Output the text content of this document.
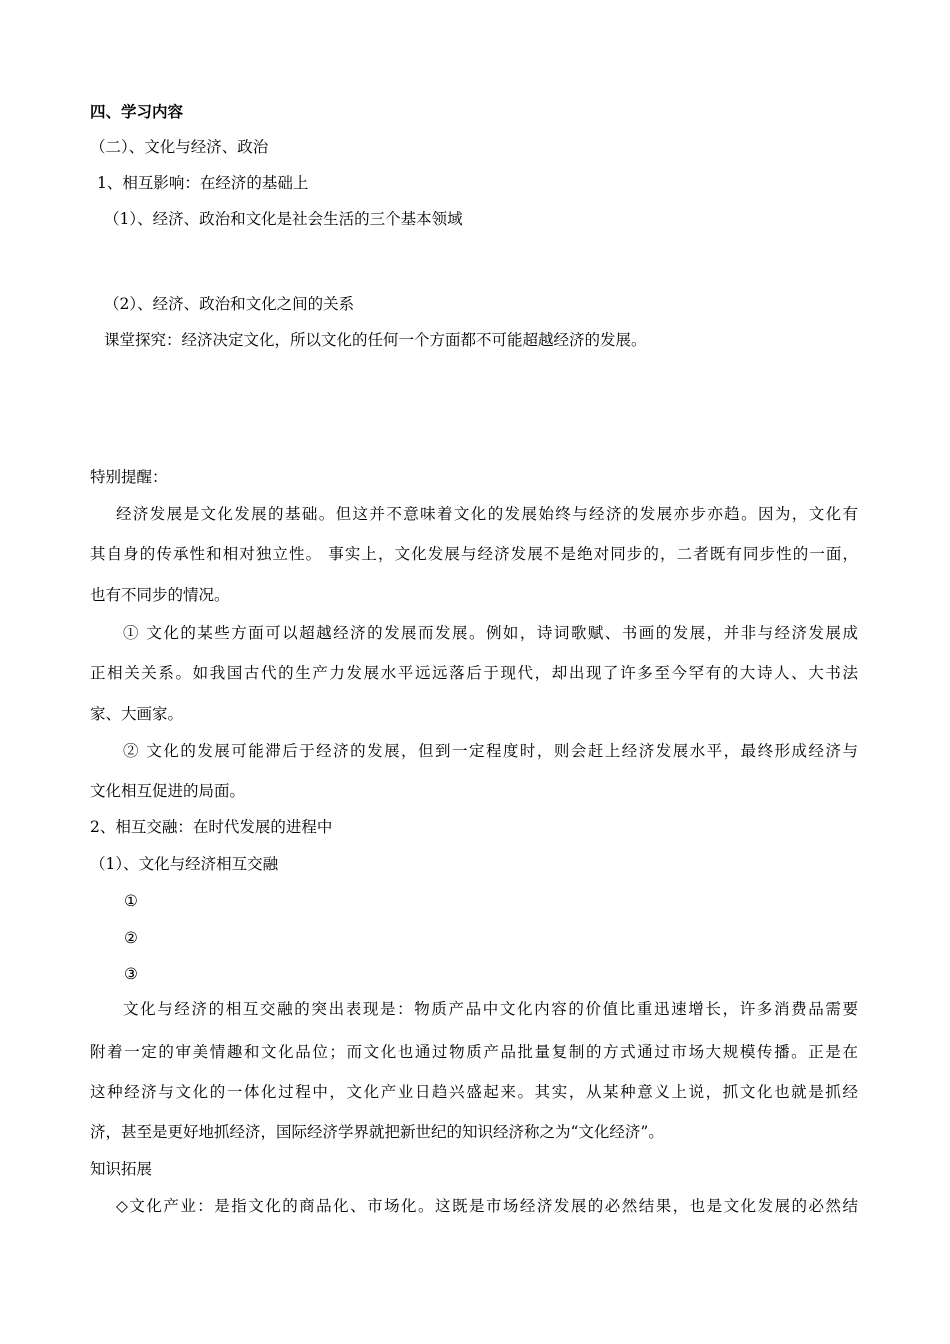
四、学习内容
（二）、文化与经济、政治
1、相互影响：在经济的基础上
（1）、经济、政治和文化是社会生活的三个基本领域
（2）、经济、政治和文化之间的关系
课堂探究：经济决定文化，所以文化的任何一个方面都不可能超越经济的发展。
特别提醒：
经济发展是文化发展的基础。但这并不意味着文化的发展始终与经济的发展亦步亦趋。因为，文化有
其自身的传承性和相对独立性。 事实上，文化发展与经济发展不是绝对同步的，二者既有同步性的一面，
也有不同步的情况。
① 文化的某些方面可以超越经济的发展而发展。例如，诗词歌赋、书画的发展，并非与经济发展成
正相关关系。如我国古代的生产力发展水平远远落后于现代，却出现了许多至今罕有的大诗人、大书法
家、大画家。
② 文化的发展可能滞后于经济的发展，但到一定程度时，则会赶上经济发展水平，最终形成经济与
文化相互促进的局面。
2、相互交融：在时代发展的进程中
（1）、文化与经济相互交融
①
②
③
文化与经济的相互交融的突出表现是：物质产品中文化内容的价值比重迅速增长，许多消费品需要
附着一定的审美情趣和文化品位；而文化也通过物质产品批量复制的方式通过市场大规模传播。正是在
这种经济与文化的一体化过程中，文化产业日趋兴盛起来。其实，从某种意义上说，抓文化也就是抓经
济，甚至是更好地抓经济，国际经济学界就把新世纪的知识经济称之为“文化经济”。
知识拓展
◇文化产业：是指文化的商品化、市场化。这既是市场经济发展的必然结果，也是文化发展的必然结
